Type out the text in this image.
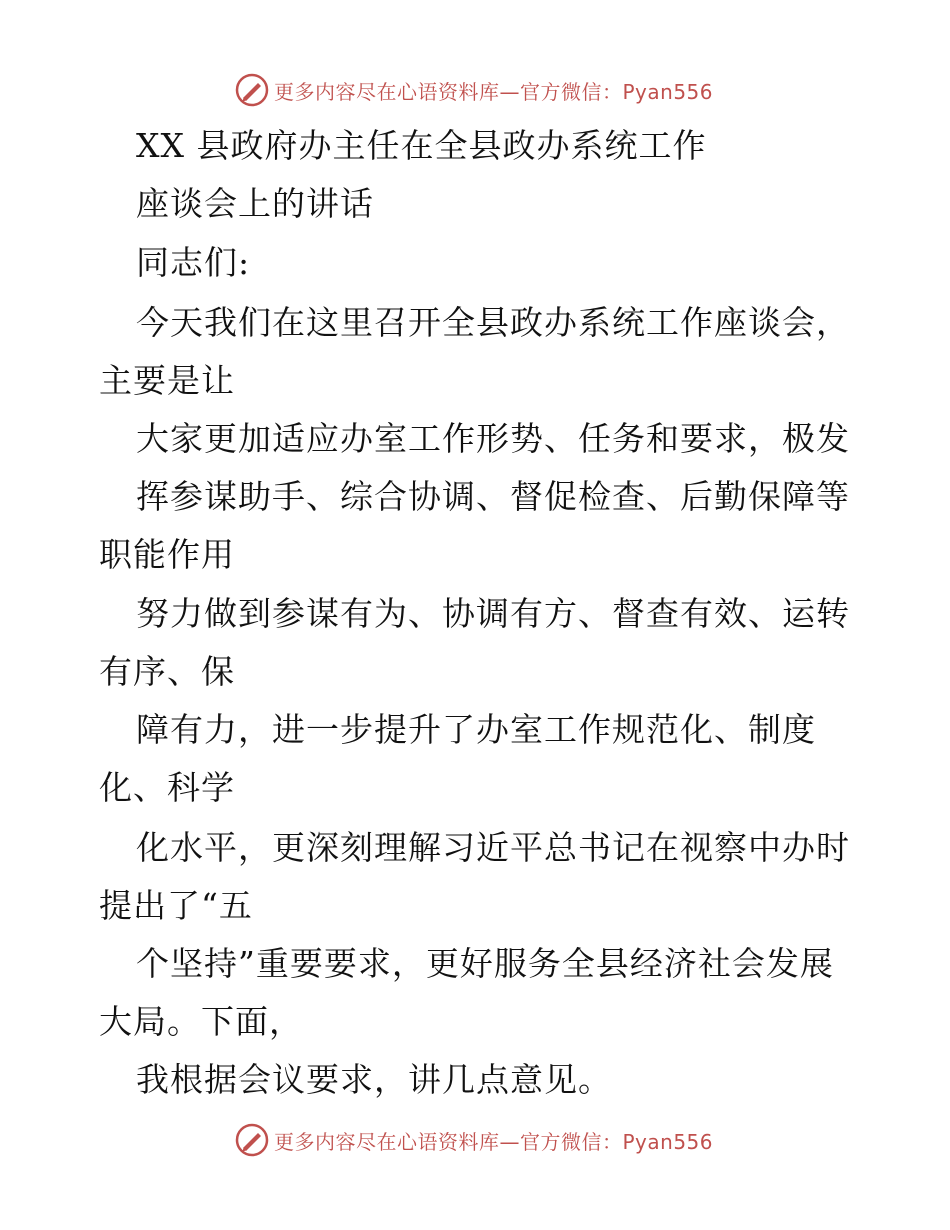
更多内容尽在心语资料库—官方微信：Pyan556
XX 县政府办主任在全县政办系统工作
座谈会上的讲话
同志们:
今天我们在这里召开全县政办系统工作座谈会，
主要是让
大家更加适应办室工作形势、任务和要求，极发
挥参谋助手、综合协调、督促检查、后勤保障等
职能作用
努力做到参谋有为、协调有方、督查有效、运转
有序、保
障有力，进一步提升了办室工作规范化、制度
化、科学
化水平，更深刻理解习近平总书记在视察中办时
提出了“五
个坚持”重要要求，更好服务全县经济社会发展
大局。下面，
我根据会议要求，讲几点意见。
更多内容尽在心语资料库—官方微信：Pyan556
